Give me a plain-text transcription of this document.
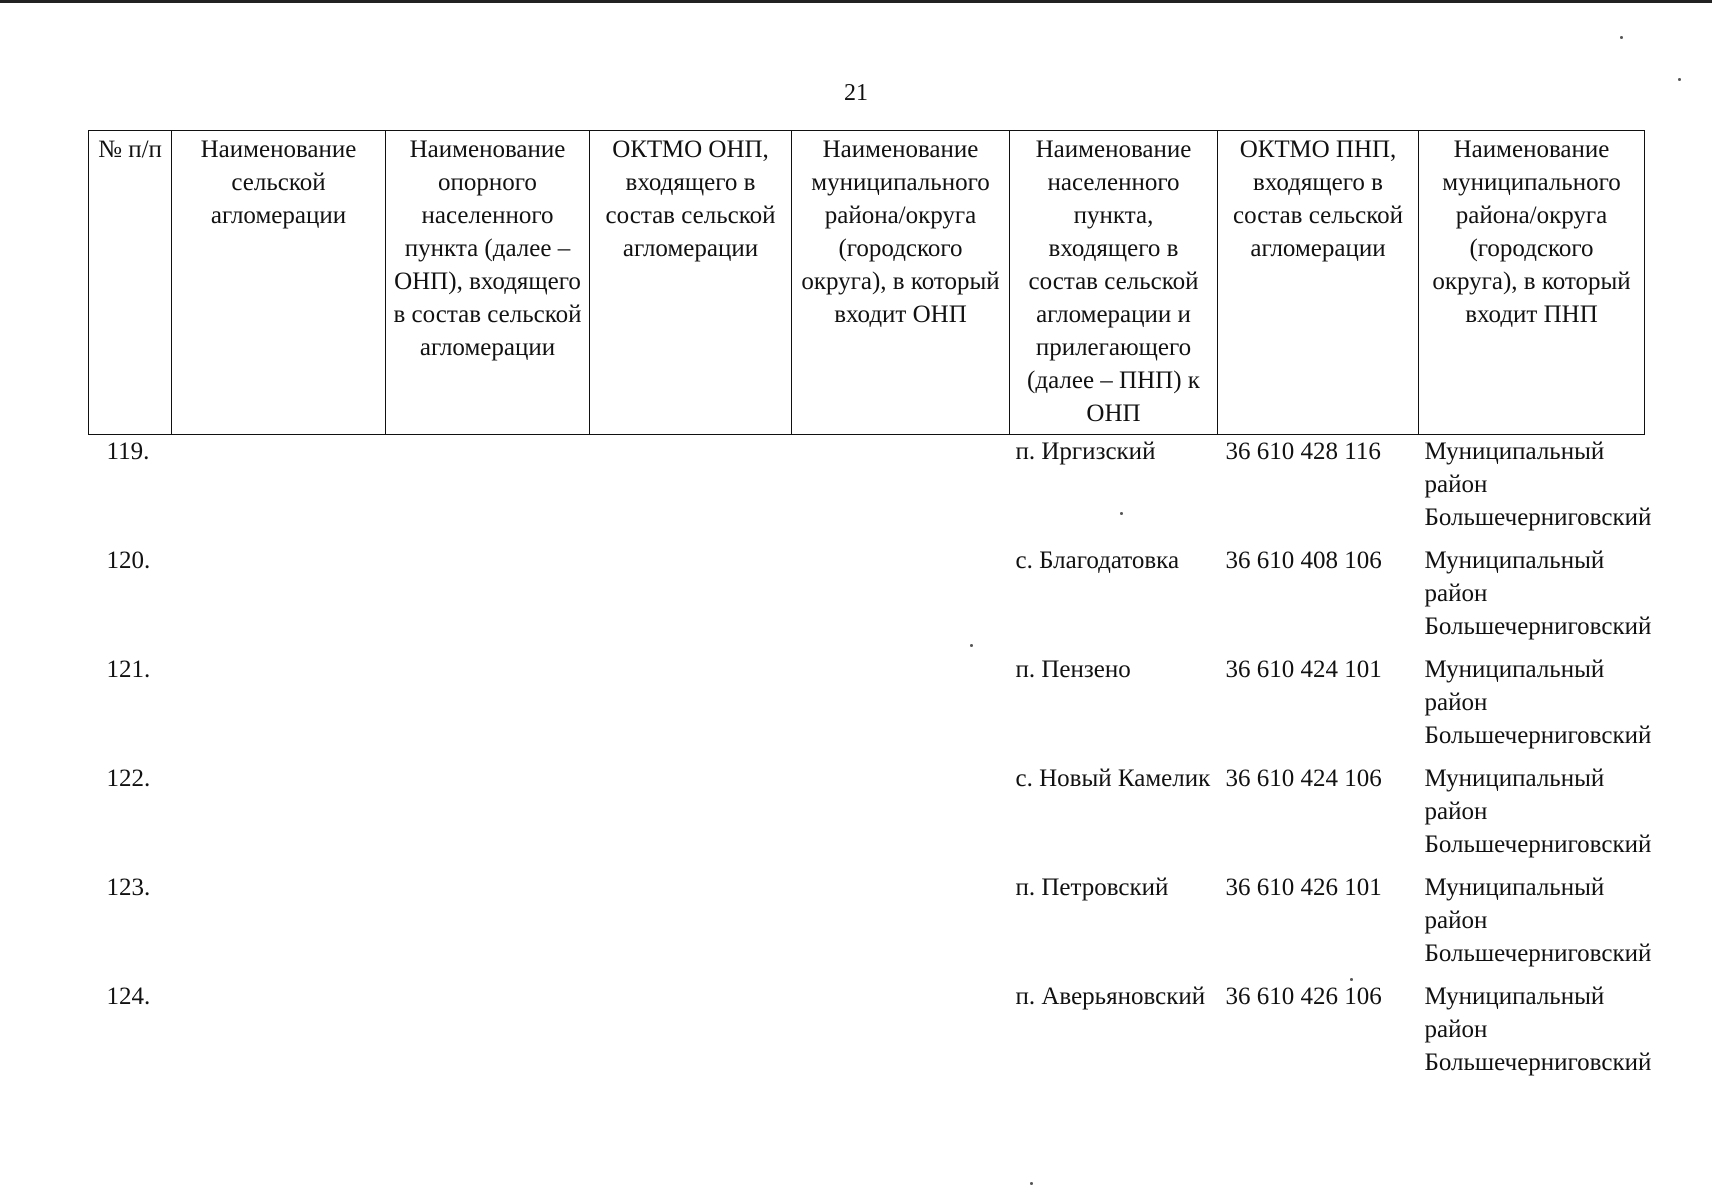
21
№ п/п	Наименование сельской агломерации	Наименование опорного населенного пункта (далее – ОНП), входящего в состав сельской агломерации	ОКТМО ОНП, входящего в состав сельской агломерации	Наименование муниципального района/округа (городского округа), в который входит ОНП	Наименование населенного пункта, входящего в состав сельской агломерации и прилегающего (далее – ПНП) к ОНП	ОКТМО ПНП, входящего в состав сельской агломерации	Наименование муниципального района/округа (городского округа), в который входит ПНП
119.					п. Иргизский	36 610 428 116	Муниципальный район Большечерниговский
120.					с. Благодатовка	36 610 408 106	Муниципальный район Большечерниговский
121.					п. Пензено	36 610 424 101	Муниципальный район Большечерниговский
122.					с. Новый Камелик	36 610 424 106	Муниципальный район Большечерниговский
123.					п. Петровский	36 610 426 101	Муниципальный район Большечерниговский
124.					п. Аверьяновский	36 610 426 106	Муниципальный район Большечерниговский
